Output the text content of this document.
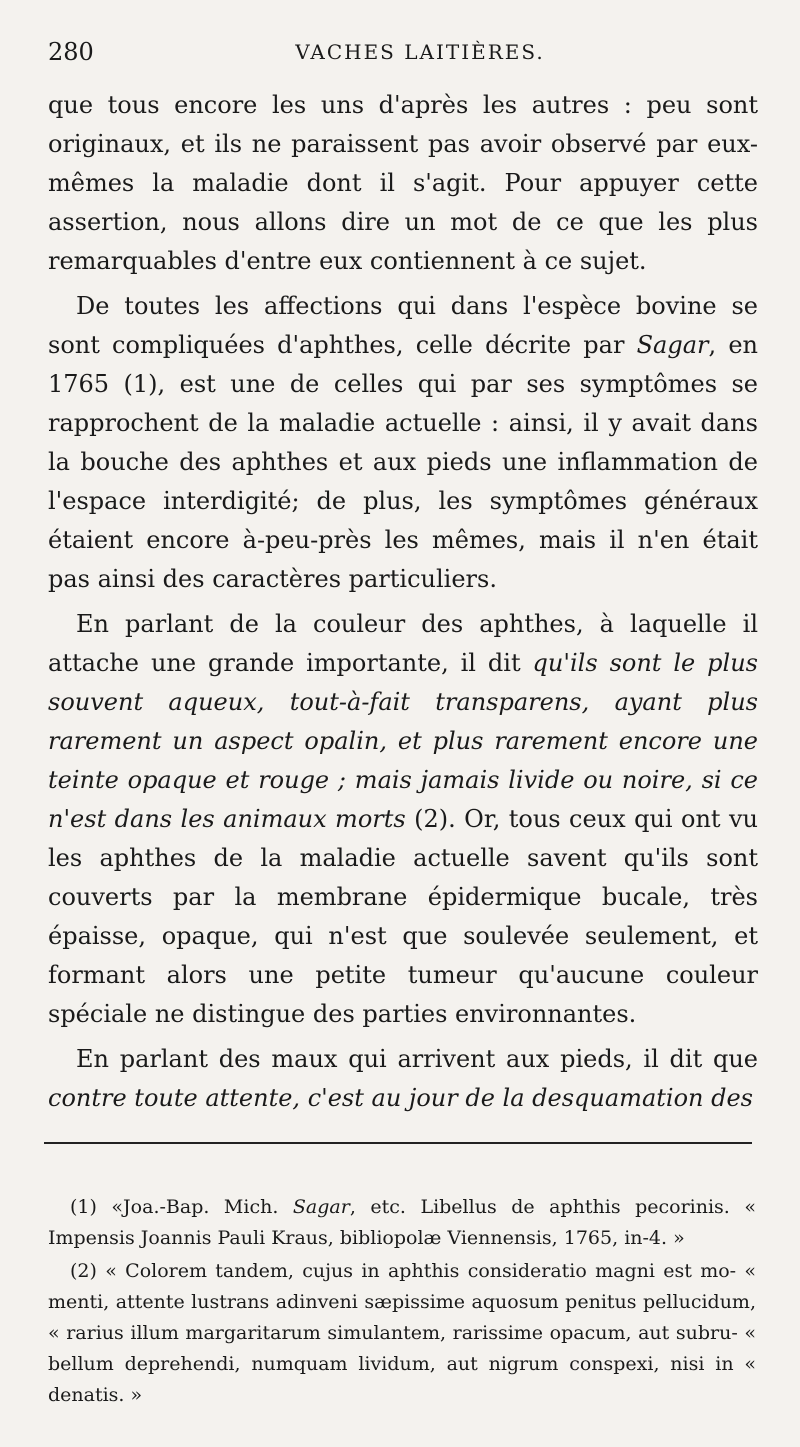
280	VACHES LAITIÈRES.

que tous encore les uns d'après les autres : peu sont originaux, et ils ne paraissent pas avoir observé par eux-mêmes la maladie dont il s'agit. Pour appuyer cette assertion, nous allons dire un mot de ce que les plus remarquables d'entre eux contiennent à ce sujet.

De toutes les affections qui dans l'espèce bovine se sont compliquées d'aphthes, celle décrite par Sagar, en 1765 (1), est une de celles qui par ses symptômes se rapprochent de la maladie actuelle : ainsi, il y avait dans la bouche des aphthes et aux pieds une inflammation de l'espace interdigité; de plus, les symptômes généraux étaient encore à-peu-près les mêmes, mais il n'en était pas ainsi des caractères particuliers.

En parlant de la couleur des aphthes, à laquelle il attache une grande importante, il dit qu'ils sont le plus souvent aqueux, tout-à-fait transparens, ayant plus rarement un aspect opalin, et plus rarement encore une teinte opaque et rouge ; mais jamais livide ou noire, si ce n'est dans les animaux morts (2). Or, tous ceux qui ont vu les aphthes de la maladie actuelle savent qu'ils sont couverts par la membrane épidermique bucale, très épaisse, opaque, qui n'est que soulevée seulement, et formant alors une petite tumeur qu'aucune couleur spéciale ne distingue des parties environnantes.

En parlant des maux qui arrivent aux pieds, il dit que contre toute attente, c'est au jour de la desquamation des

(1) «Joa.-Bap. Mich. Sagar, etc. Libellus de aphthis pecorinis. « Impensis Joannis Pauli Kraus, bibliopolæ Viennensis, 1765, in-4. »

(2) « Colorem tandem, cujus in aphthis consideratio magni est mo- « menti, attente lustrans adinveni sæpissime aquosum penitus pellucidum, « rarius illum margaritarum simulantem, rarissime opacum, aut subru- « bellum deprehendi, numquam lividum, aut nigrum conspexi, nisi in « denatis. »
